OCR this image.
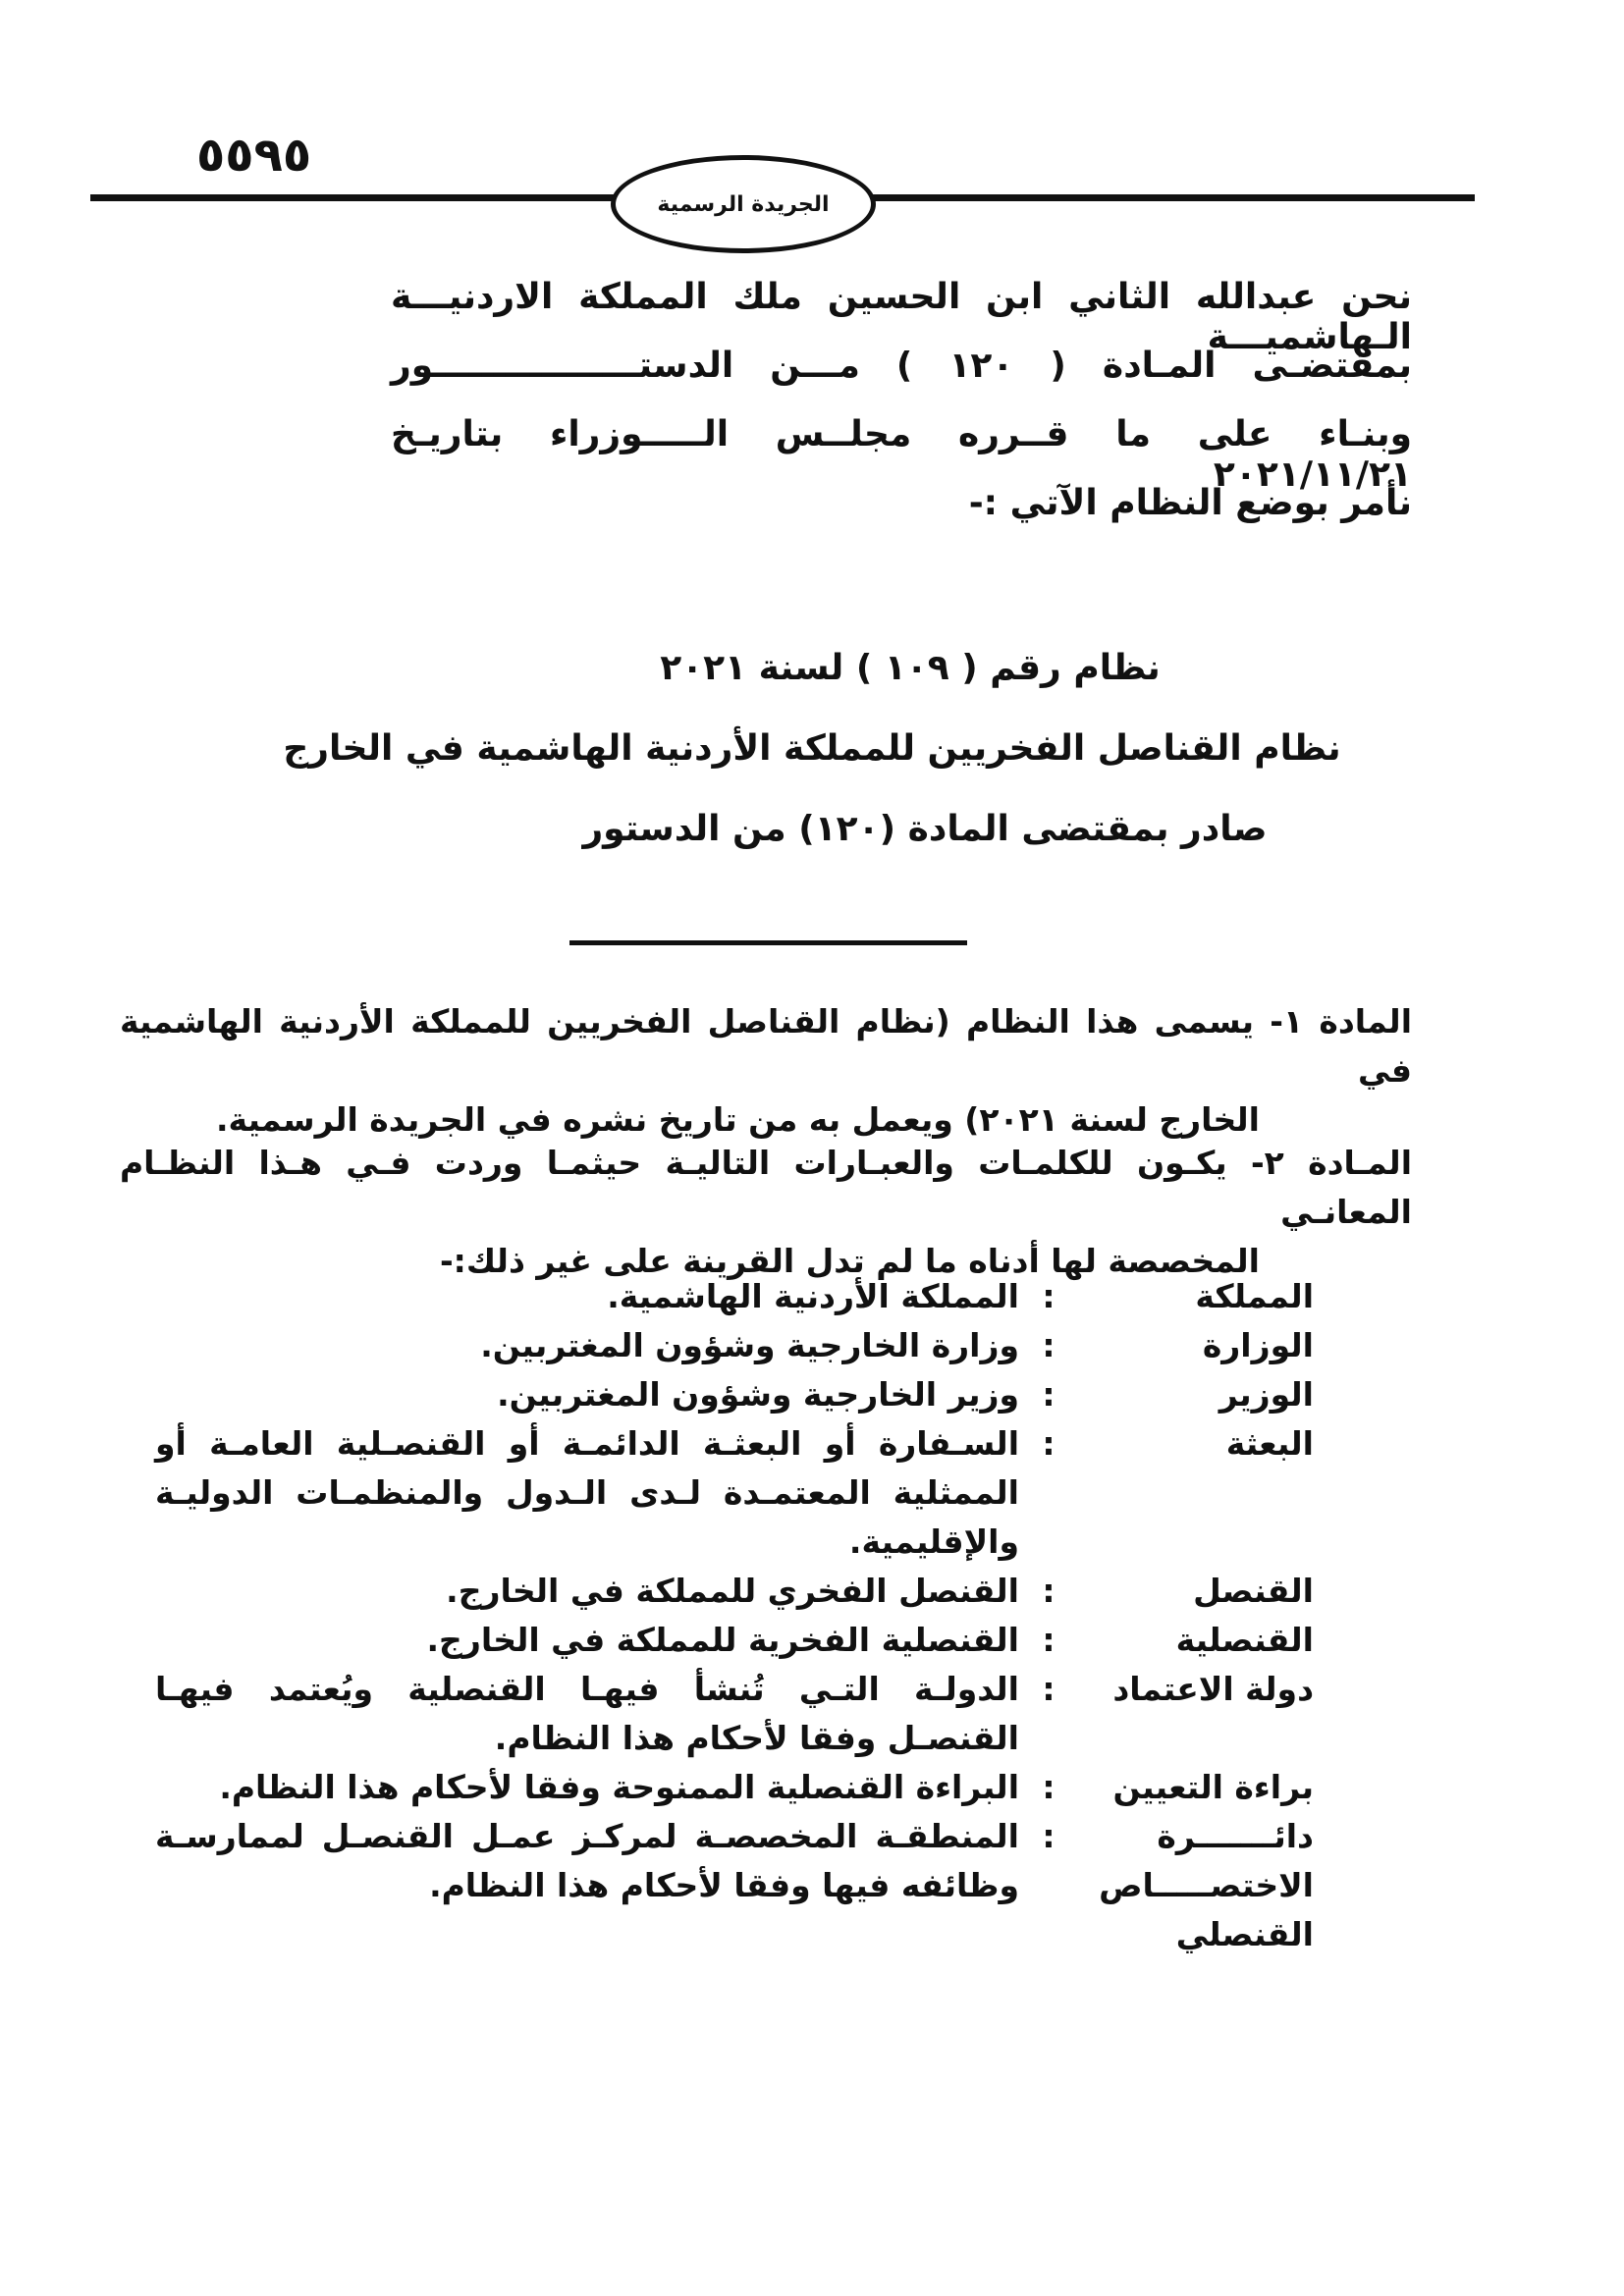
٥٥٩٥
الجريدة الرسمية
نحن عبدالله الثاني ابن الحسين ملك المملكة الاردنيـــة الـهاشميـــة
بمقتضـى المـادة ( ١٢٠ ) مـــن الدستـــــــــــــــــور
وبنـاء على ما قــرره مجلــس الـــــوزراء بتاريـخ ٢٠٢١/١١/٢١
نأمر بوضع النظام الآتي :-
نظام رقم ( ١٠٩ ) لسنة ٢٠٢١
نظام القناصل الفخريين للمملكة الأردنية الهاشمية في الخارج
صادر بمقتضى المادة (١٢٠) من الدستور
المادة ١- يسمى هذا النظام (نظام القناصل الفخريين للمملكة الأردنية الهاشمية في
الخارج لسنة ٢٠٢١) ويعمل به من تاريخ نشره في الجريدة الرسمية.
المـادة ٢- يكـون للكلمـات والعبـارات التاليـة حيثمـا وردت فـي هـذا النظـام المعانـي
المخصصة لها أدناه ما لم تدل القرينة على غير ذلك:-
المملكة
:
المملكة الأردنية الهاشمية.
الوزارة
:
وزارة الخارجية وشؤون المغتربين.
الوزير
:
وزير الخارجية وشؤون المغتربين.
البعثة
:
السـفارة أو البعثـة الدائمـة أو القنصـلية العامـة أو الممثلية المعتمـدة لـدى الـدول والمنظمـات الدوليـة والإقليمية.
القنصل
:
القنصل الفخري للمملكة في الخارج.
القنصلية
:
القنصلية الفخرية للمملكة في الخارج.
دولة الاعتماد
:
الدولـة التـي تُنشأ فيهـا القنصلية ويُعتمد فيهـا القنصـل وفقا لأحكام هذا النظام.
براءة التعيين
:
البراءة القنصلية الممنوحة وفقا لأحكام هذا النظام.
دائـــــــرة الاختصـــــاص القنصلي
:
المنطقـة المخصصـة لمركـز عمـل القنصـل لممارسـة وظائفه فيها وفقا لأحكام هذا النظام.
